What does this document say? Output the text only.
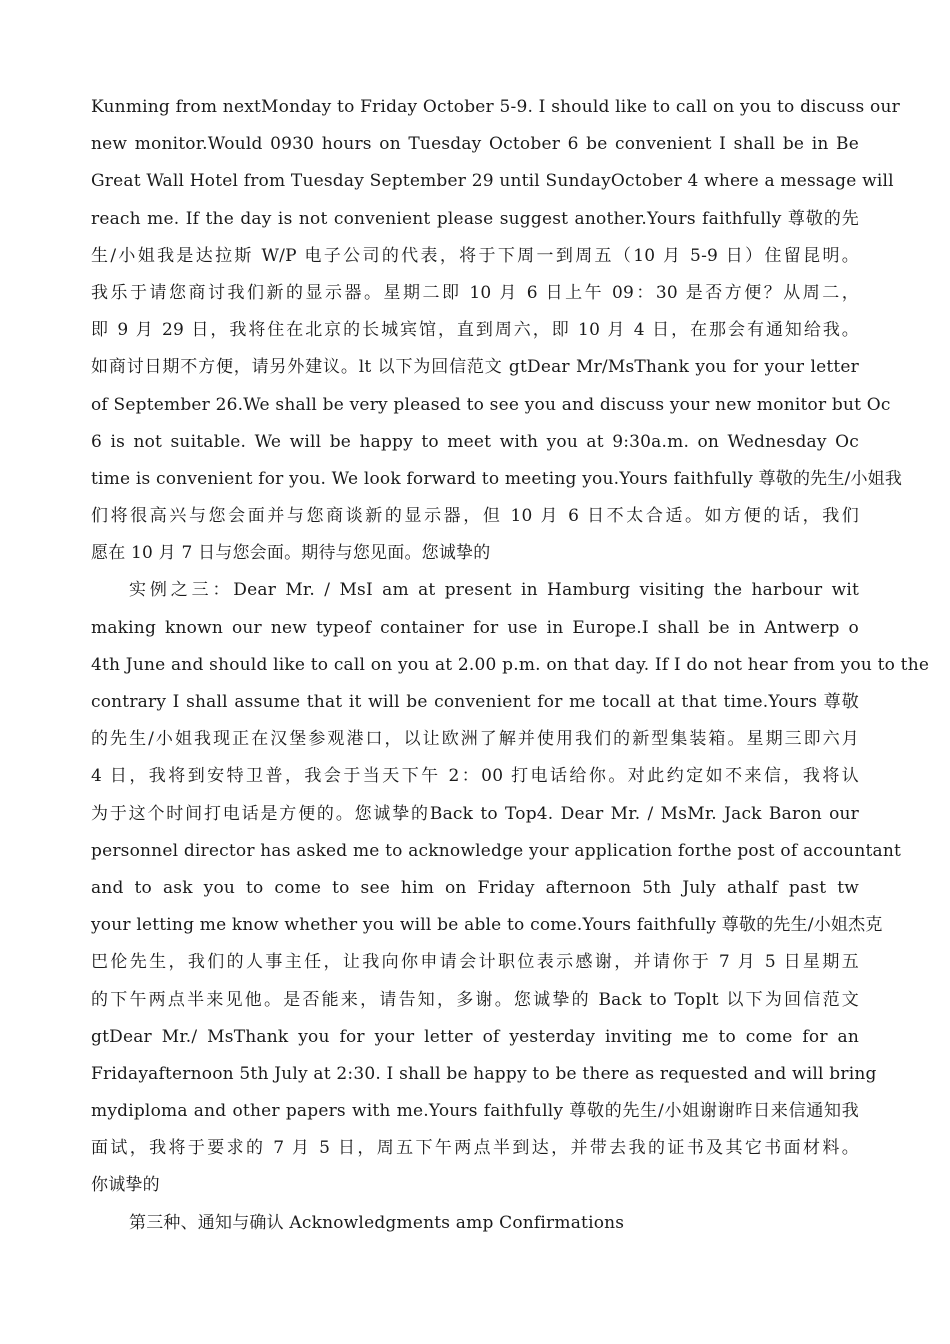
Kunming from nextMonday to Friday October 5-9. I should like to call on you to discuss our
new monitor.Would 0930 hours on Tuesday October 6 be convenient I shall be in Be
Great Wall Hotel from Tuesday September 29 until SundayOctober 4 where a message will
reach me. If the day is not convenient please suggest another.Yours faithfully 尊敬的先
生/小姐我是达拉斯 W/P 电子公司的代表，将于下周一到周五（10 月 5-9 日）住留昆明。
我乐于请您商讨我们新的显示器。星期二即 10 月 6 日上午 09：30 是否方便？从周二，
即 9 月 29 日，我将住在北京的长城宾馆，直到周六，即 10 月 4 日，在那会有通知给我。
如商讨日期不方便，请另外建议。lt 以下为回信范文 gtDear Mr/MsThank you for your letter
of September 26.We shall be very pleased to see you and discuss your new monitor but Oc
6 is not suitable. We will be happy to meet with you at 9:30a.m. on Wednesday Oc
time is convenient for you. We look forward to meeting you.Yours faithfully 尊敬的先生/小姐我
们将很高兴与您会面并与您商谈新的显示器，但 10 月 6 日不太合适。如方便的话，我们
愿在 10 月 7 日与您会面。期待与您见面。您诚挚的
实例之三：Dear Mr. / MsI am at present in Hamburg visiting the harbour wit
making known our new typeof container for use in Europe.I shall be in Antwerp o
4th June and should like to call on you at 2.00 p.m. on that day. If I do not hear from you to the
contrary I shall assume that it will be convenient for me tocall at that time.Yours 尊敬
的先生/小姐我现正在汉堡参观港口，以让欧洲了解并使用我们的新型集装箱。星期三即六月
4 日，我将到安特卫普，我会于当天下午 2：00 打电话给你。对此约定如不来信，我将认
为于这个时间打电话是方便的。您诚挚的Back to Top4. Dear Mr. / MsMr. Jack Baron our
personnel director has asked me to acknowledge your application forthe post of accountant
and to ask you to come to see him on Friday afternoon 5th July athalf past tw
your letting me know whether you will be able to come.Yours faithfully 尊敬的先生/小姐杰克
巴伦先生，我们的人事主任，让我向你申请会计职位表示感谢，并请你于 7 月 5 日星期五
的下午两点半来见他。是否能来，请告知，多谢。您诚挚的 Back to Toplt 以下为回信范文
gtDear Mr./ MsThank you for your letter of yesterday inviting me to come for an
Fridayafternoon 5th July at 2:30. I shall be happy to be there as requested and will bring
mydiploma and other papers with me.Yours faithfully 尊敬的先生/小姐谢谢昨日来信通知我
面试，我将于要求的 7 月 5 日，周五下午两点半到达，并带去我的证书及其它书面材料。
你诚挚的
第三种、通知与确认 Acknowledgments amp Confirmations
